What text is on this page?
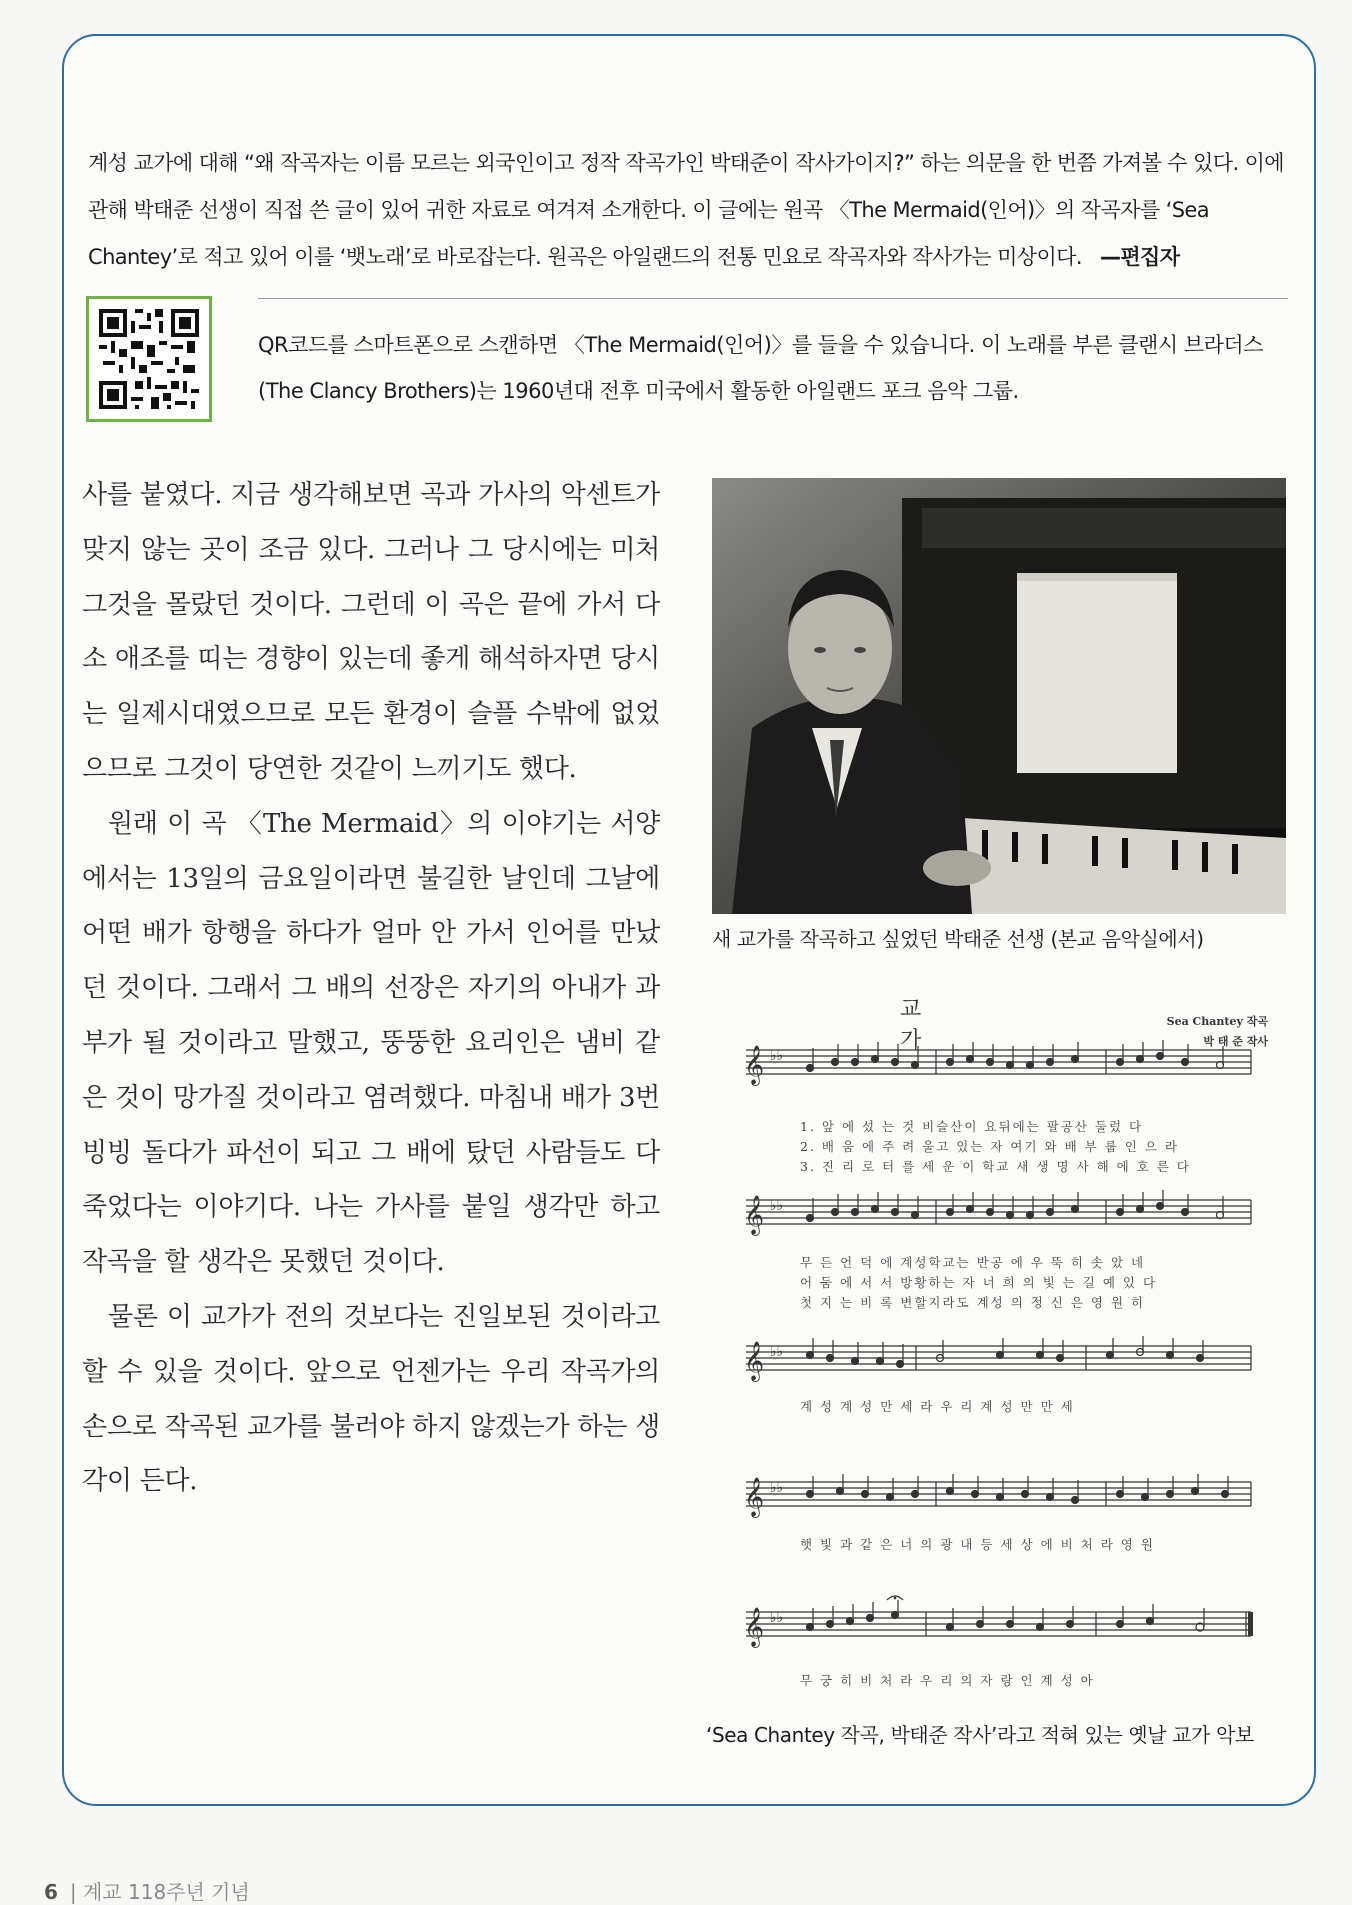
계성 교가에 대해 “왜 작곡자는 이름 모르는 외국인이고 정작 작곡가인 박태준이 작사가이지?” 하는 의문을 한 번쯤 가져볼 수 있다. 이에 관해 박태준 선생이 직접 쓴 글이 있어 귀한 자료로 여겨져 소개한다. 이 글에는 원곡 〈The Mermaid(인어)〉의 작곡자를 ‘Sea Chantey’로 적고 있어 이를 ‘뱃노래’로 바로잡는다. 원곡은 아일랜드의 전통 민요로 작곡자와 작사가는 미상이다. —편집자
QR코드를 스마트폰으로 스캔하면 〈The Mermaid(인어)〉를 들을 수 있습니다. 이 노래를 부른 클랜시 브라더스(The Clancy Brothers)는 1960년대 전후 미국에서 활동한 아일랜드 포크 음악 그룹.

사를 붙였다. 지금 생각해보면 곡과 가사의 악센트가 맞지 않는 곳이 조금 있다. 그러나 그 당시에는 미처 그것을 몰랐던 것이다. 그런데 이 곡은 끝에 가서 다소 애조를 띠는 경향이 있는데 좋게 해석하자면 당시는 일제시대였으므로 모든 환경이 슬플 수밖에 없었으므로 그것이 당연한 것같이 느끼기도 했다.

원래 이 곡 〈The Mermaid〉의 이야기는 서양에서는 13일의 금요일이라면 불길한 날인데 그날에 어떤 배가 항행을 하다가 얼마 안 가서 인어를 만났던 것이다. 그래서 그 배의 선장은 자기의 아내가 과부가 될 것이라고 말했고, 뚱뚱한 요리인은 냄비 같은 것이 망가질 것이라고 염려했다. 마침내 배가 3번 빙빙 돌다가 파선이 되고 그 배에 탔던 사람들도 다 죽었다는 이야기다. 나는 가사를 붙일 생각만 하고 작곡을 할 생각은 못했던 것이다.

물론 이 교가가 전의 것보다는 진일보된 것이라고 할 수 있을 것이다. 앞으로 언젠가는 우리 작곡가의 손으로 작곡된 교가를 불러야 하지 않겠는가 하는 생각이 든다.

새 교가를 작곡하고 싶었던 박태준 선생 (본교 음악실에서)
교 가
Sea Chantey 작곡
박 태 준 작사
𝄞
𝄞
𝄞
𝄞
𝄞
♭♭
♭♭
♭♭
♭♭
♭♭
1. 앞 에 섰 는 것 비슬산이 요뒤에는 팔공산 둘렀 다
2. 배 움 에 주 려 울고 있는 자 여기 와 배 부 룹 인 으 라
3. 진 리 로 터 를 세 운 이 학교 새 생 명 사 해 에 호 른 다
무 든 언 덕 에 계성학교는 반공 에 우 뚝 히 솟 았 네
어 둠 에 서 서 방황하는 자 너 희 의 빛 는 길 예 있 다
첫 지 는 비 록 변할지라도 계성 의 정 신 은 영 원 히
계 성 계 성 만 세 라 우 리 계 성 만 만 세
햇 빛 과 같 은 너 의 광 내 등 세 상 에 비 처 라 영 원
무 궁 히 비 처 라 우 리 의 자 랑 인 계 성 아
‘Sea Chantey 작곡, 박태준 작사’라고 적혀 있는 옛날 교가 악보
6 | 계교 118주년 기념
